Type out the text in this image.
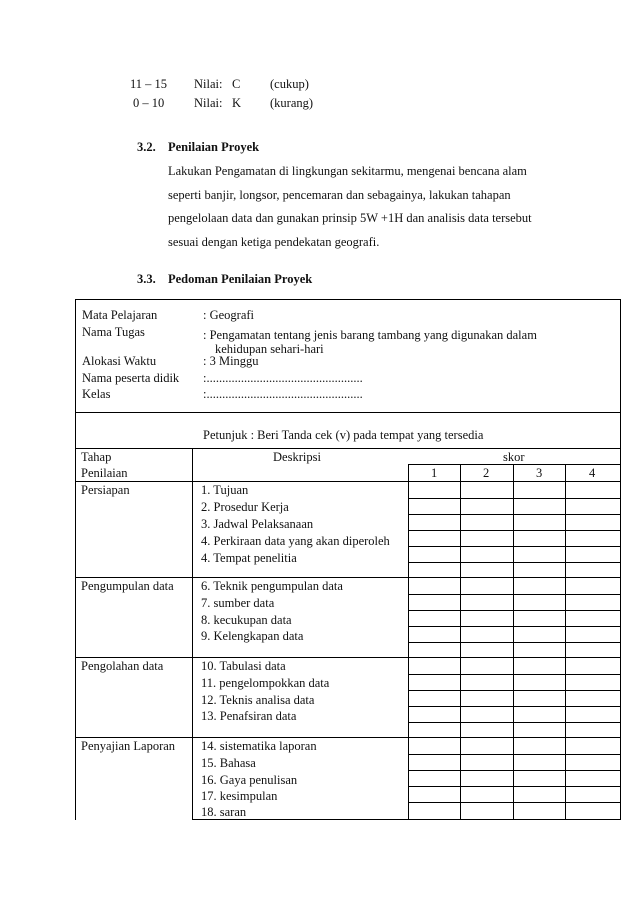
11 – 15 Nilai: C (cukup)
0 – 10 Nilai: K (kurang)
3.2. Penilaian Proyek
Lakukan Pengamatan di lingkungan sekitarmu, mengenai bencana alam
seperti banjir, longsor, pencemaran dan sebagainya, lakukan tahapan
pengelolaan data dan gunakan prinsip 5W +1H dan analisis data tersebut
sesuai dengan ketiga pendekatan geografi.
3.3. Pedoman Penilaian Proyek
Mata Pelajaran	: Geografi
Nama Tugas	: Pengamatan tentang jenis barang tambang yang digunakan dalam
kehidupan sehari-hari
Alokasi Waktu	: 3 Minggu
Nama peserta didik :..................................................
Kelas	:..................................................
Petunjuk : Beri Tanda cek (v) pada tempat yang tersedia
Tahap
Penilaian
Deskripsi	skor
1	2	3	4
Persiapan	1. Tujuan
2. Prosedur Kerja
3. Jadwal Pelaksanaan
4. Perkiraan data yang akan diperoleh
4. Tempat penelitia
Pengumpulan data 6. Teknik pengumpulan data
7. sumber data
8. kecukupan data
9. Kelengkapan data
Pengolahan data	10. Tabulasi data
11. pengelompokkan data
12. Teknis analisa data
13. Penafsiran data
Penyajian Laporan 14. sistematika laporan
15. Bahasa
16. Gaya penulisan
17. kesimpulan
18. saran
